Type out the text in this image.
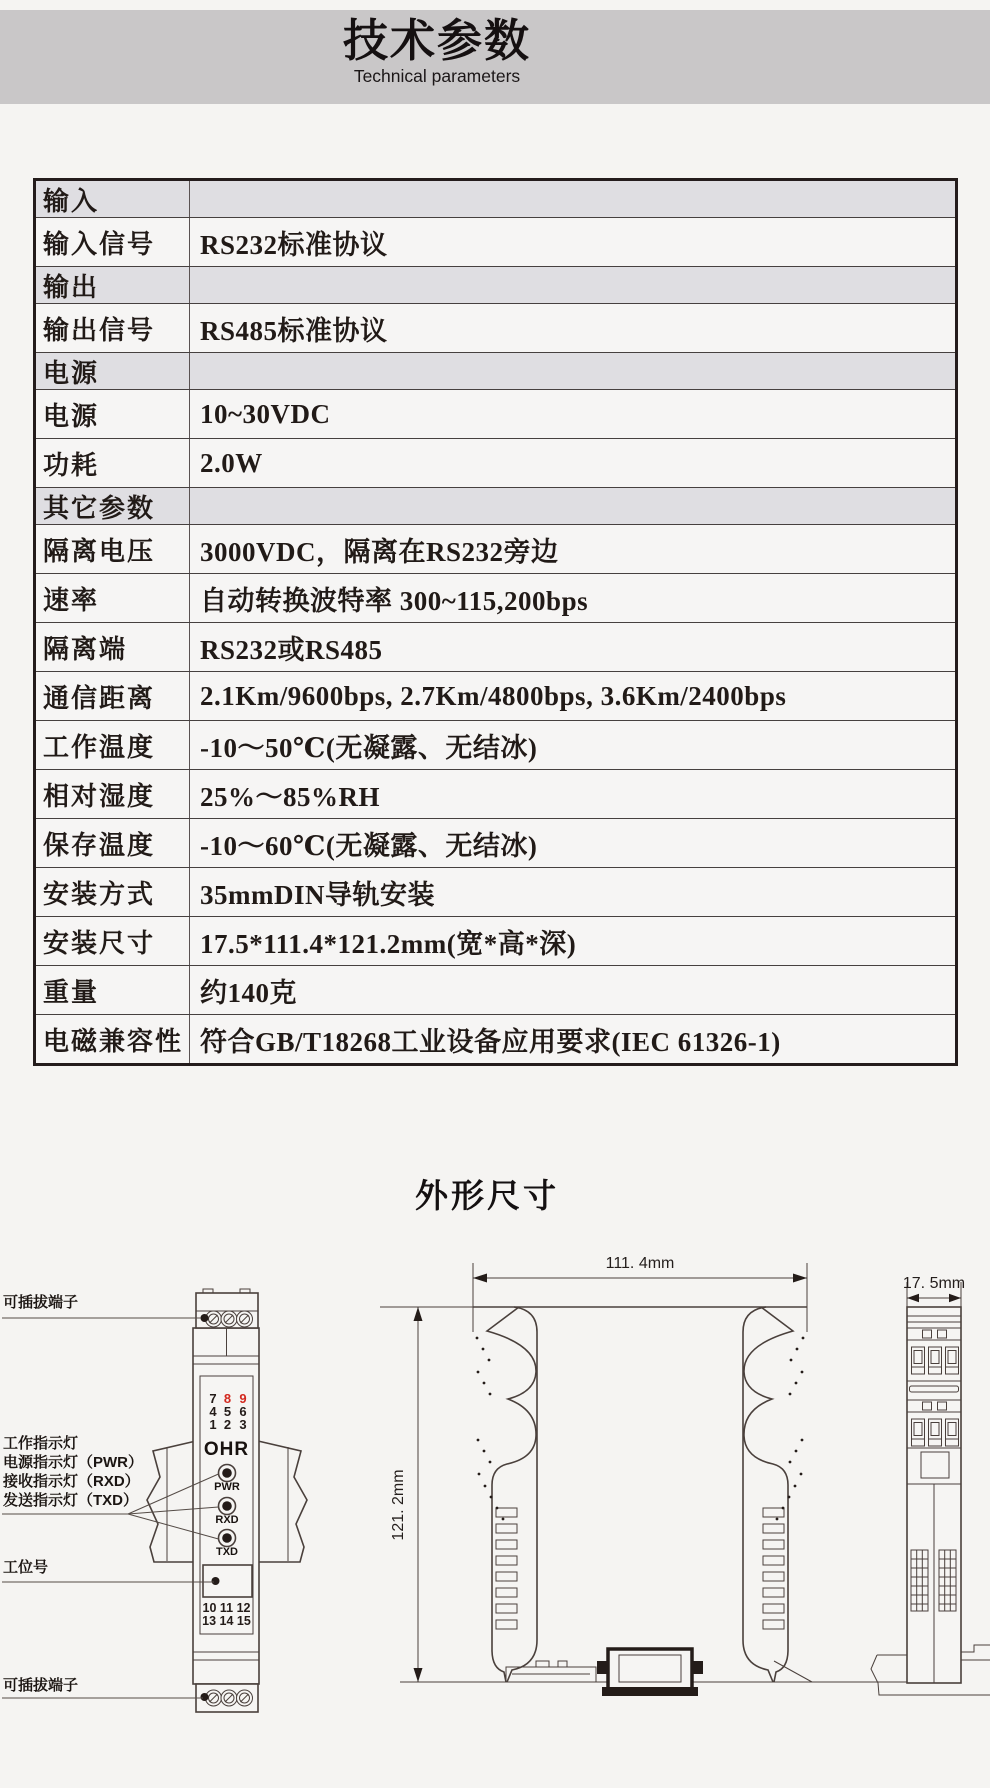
技术参数
Technical parameters
输入
输入信号	RS232标准协议
输出
输出信号	RS485标准协议
电源
电源	10~30VDC
功耗	2.0W
其它参数
隔离电压	3000VDC，隔离在RS232旁边
速率	自动转换波特率 300~115,200bps
隔离端	RS232或RS485
通信距离	2.1Km/9600bps, 2.7Km/4800bps, 3.6Km/2400bps
工作温度	-10～50℃(无凝露、无结冰)
相对湿度	25%～85%RH
保存温度	-10～60℃(无凝露、无结冰)
安装方式	35mmDIN导轨安装
安装尺寸	17.5*111.4*121.2mm(宽*高*深)
重量	约140克
电磁兼容性 符合GB/T18268工业设备应用要求(IEC 61326-1)
外形尺寸
7 8 9
4 5 6
1 2 3
OHR
PWR
RXD
TXD
10 11 12
13 14 15
可插拔端子
工作指示灯
电源指示灯（PWR）
接收指示灯（RXD）
发送指示灯（TXD）
工位号
可插拔端子
111. 4mm
121. 2mm
17. 5mm
